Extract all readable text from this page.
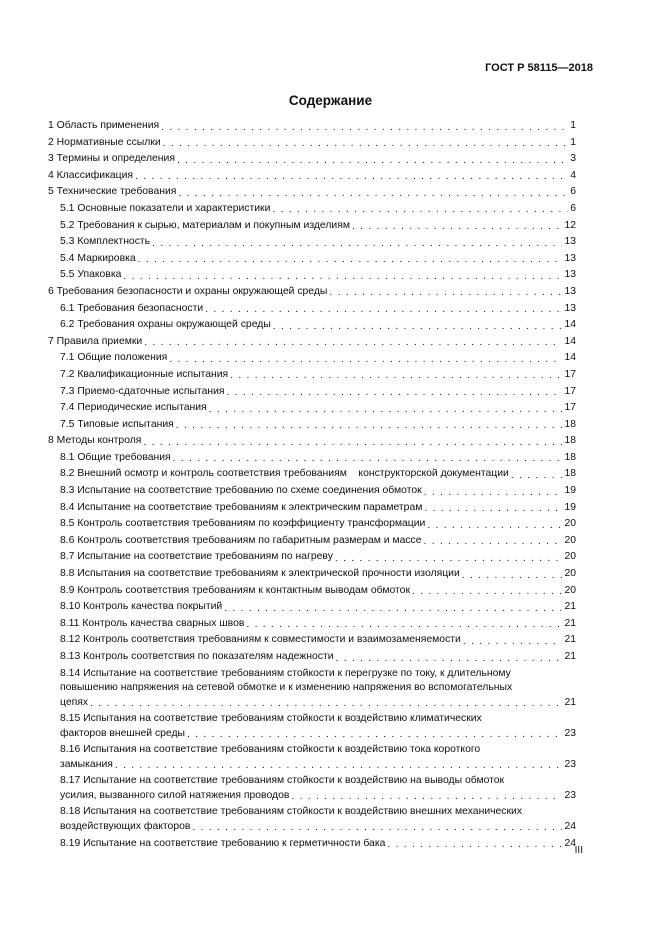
ГОСТ Р 58115—2018
Содержание
1 Область применения . . .	1
2 Нормативные ссылки . . .	1
3 Термины и определения . . .	3
4 Классификация . . .	4
5 Технические требования . . .	6
5.1 Основные показатели и характеристики . . .	6
5.2 Требования к сырью, материалам и покупным изделиям . . .	12
5.3 Комплектность . . .	13
5.4 Маркировка . . .	13
5.5 Упаковка . . .	13
6 Требования безопасности и охраны окружающей среды . . .	13
6.1 Требования безопасности . . .	13
6.2 Требования охраны окружающей среды . . .	14
7 Правила приемки . . .	14
7.1 Общие положения . . .	14
7.2 Квалификационные испытания . . .	17
7.3 Приемо-сдаточные испытания . . .	17
7.4 Периодические испытания . . .	17
7.5 Типовые испытания . . .	18
8 Методы контроля . . .	18
8.1 Общие требования . . .	18
8.2 Внешний осмотр и контроль соответствия требованиям    конструкторской документации . . .	18
8.3 Испытание на соответствие требованию по схеме соединения обмоток . . .	19
8.4 Испытание на соответствие требованиям к электрическим параметрам . . .	19
8.5 Контроль соответствия требованиям по коэффициенту трансформации . . .	20
8.6 Контроль соответствия требованиям по габаритным размерам и массе . . .	20
8.7 Испытание на соответствие требованиям по нагреву . . .	20
8.8 Испытания на соответствие требованиям к электрической прочности изоляции . . .	20
8.9 Контроль соответствия требованиям к контактным выводам обмоток . . .	20
8.10 Контроль качества покрытий . . .	21
8.11 Контроль качества сварных швов . . .	21
8.12 Контроль соответствия требованиям к совместимости и взаимозаменяемости . . .	21
8.13 Контроль соответствия по показателям надежности . . .	21
8.14 Испытание на соответствие требованиям стойкости к перегрузке по току, к длительному
повышению напряжения на сетевой обмотке и к изменению напряжения во вспомогательных
цепях . . .	21
8.15 Испытания на соответствие требованиям стойкости к воздействию климатических
факторов внешней среды . . .	23
8.16 Испытания на соответствие требованиям стойкости к воздействию тока короткого
замыкания . . .	23
8.17 Испытание на соответствие требованиям стойкости к воздействию на выводы обмоток
усилия, вызванного силой натяжения проводов . . .	23
8.18 Испытания на соответствие требованиям стойкости к воздействию внешних механических
воздействующих факторов . . .	24
8.19 Испытание на соответствие требованию к герметичности бака . . .	24
III
